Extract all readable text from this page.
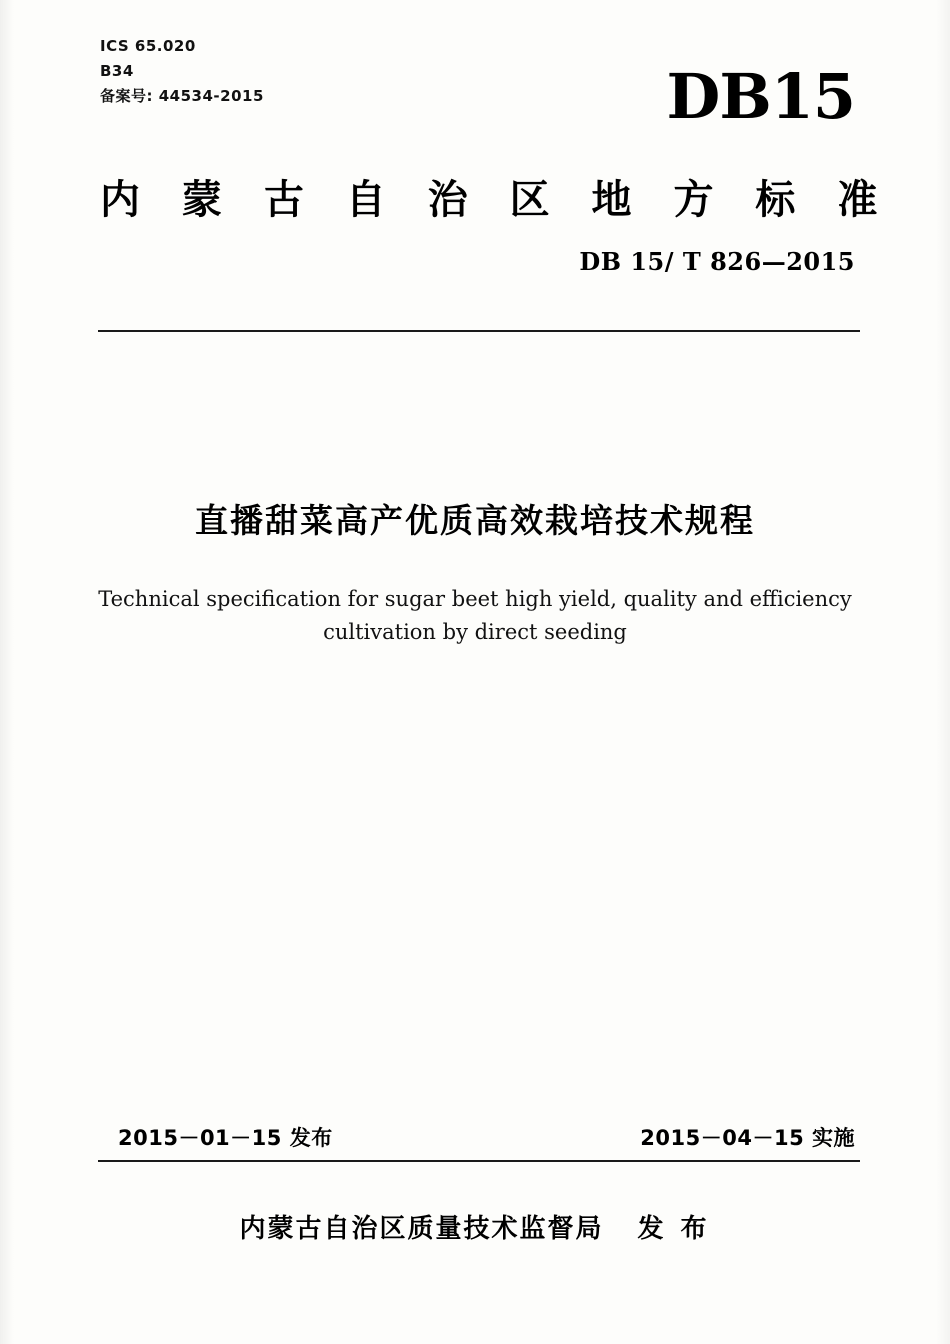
ICS 65.020
B34
备案号: 44534-2015	DB15
内 蒙 古 自 治 区 地 方 标 准
DB 15/ T 826—2015
直播甜菜高产优质高效栽培技术规程
Technical specification for sugar beet high yield, quality and efficiency cultivation by direct seeding
2015－01－15 发布	2015－04－15 实施
内蒙古自治区质量技术监督局 发 布
